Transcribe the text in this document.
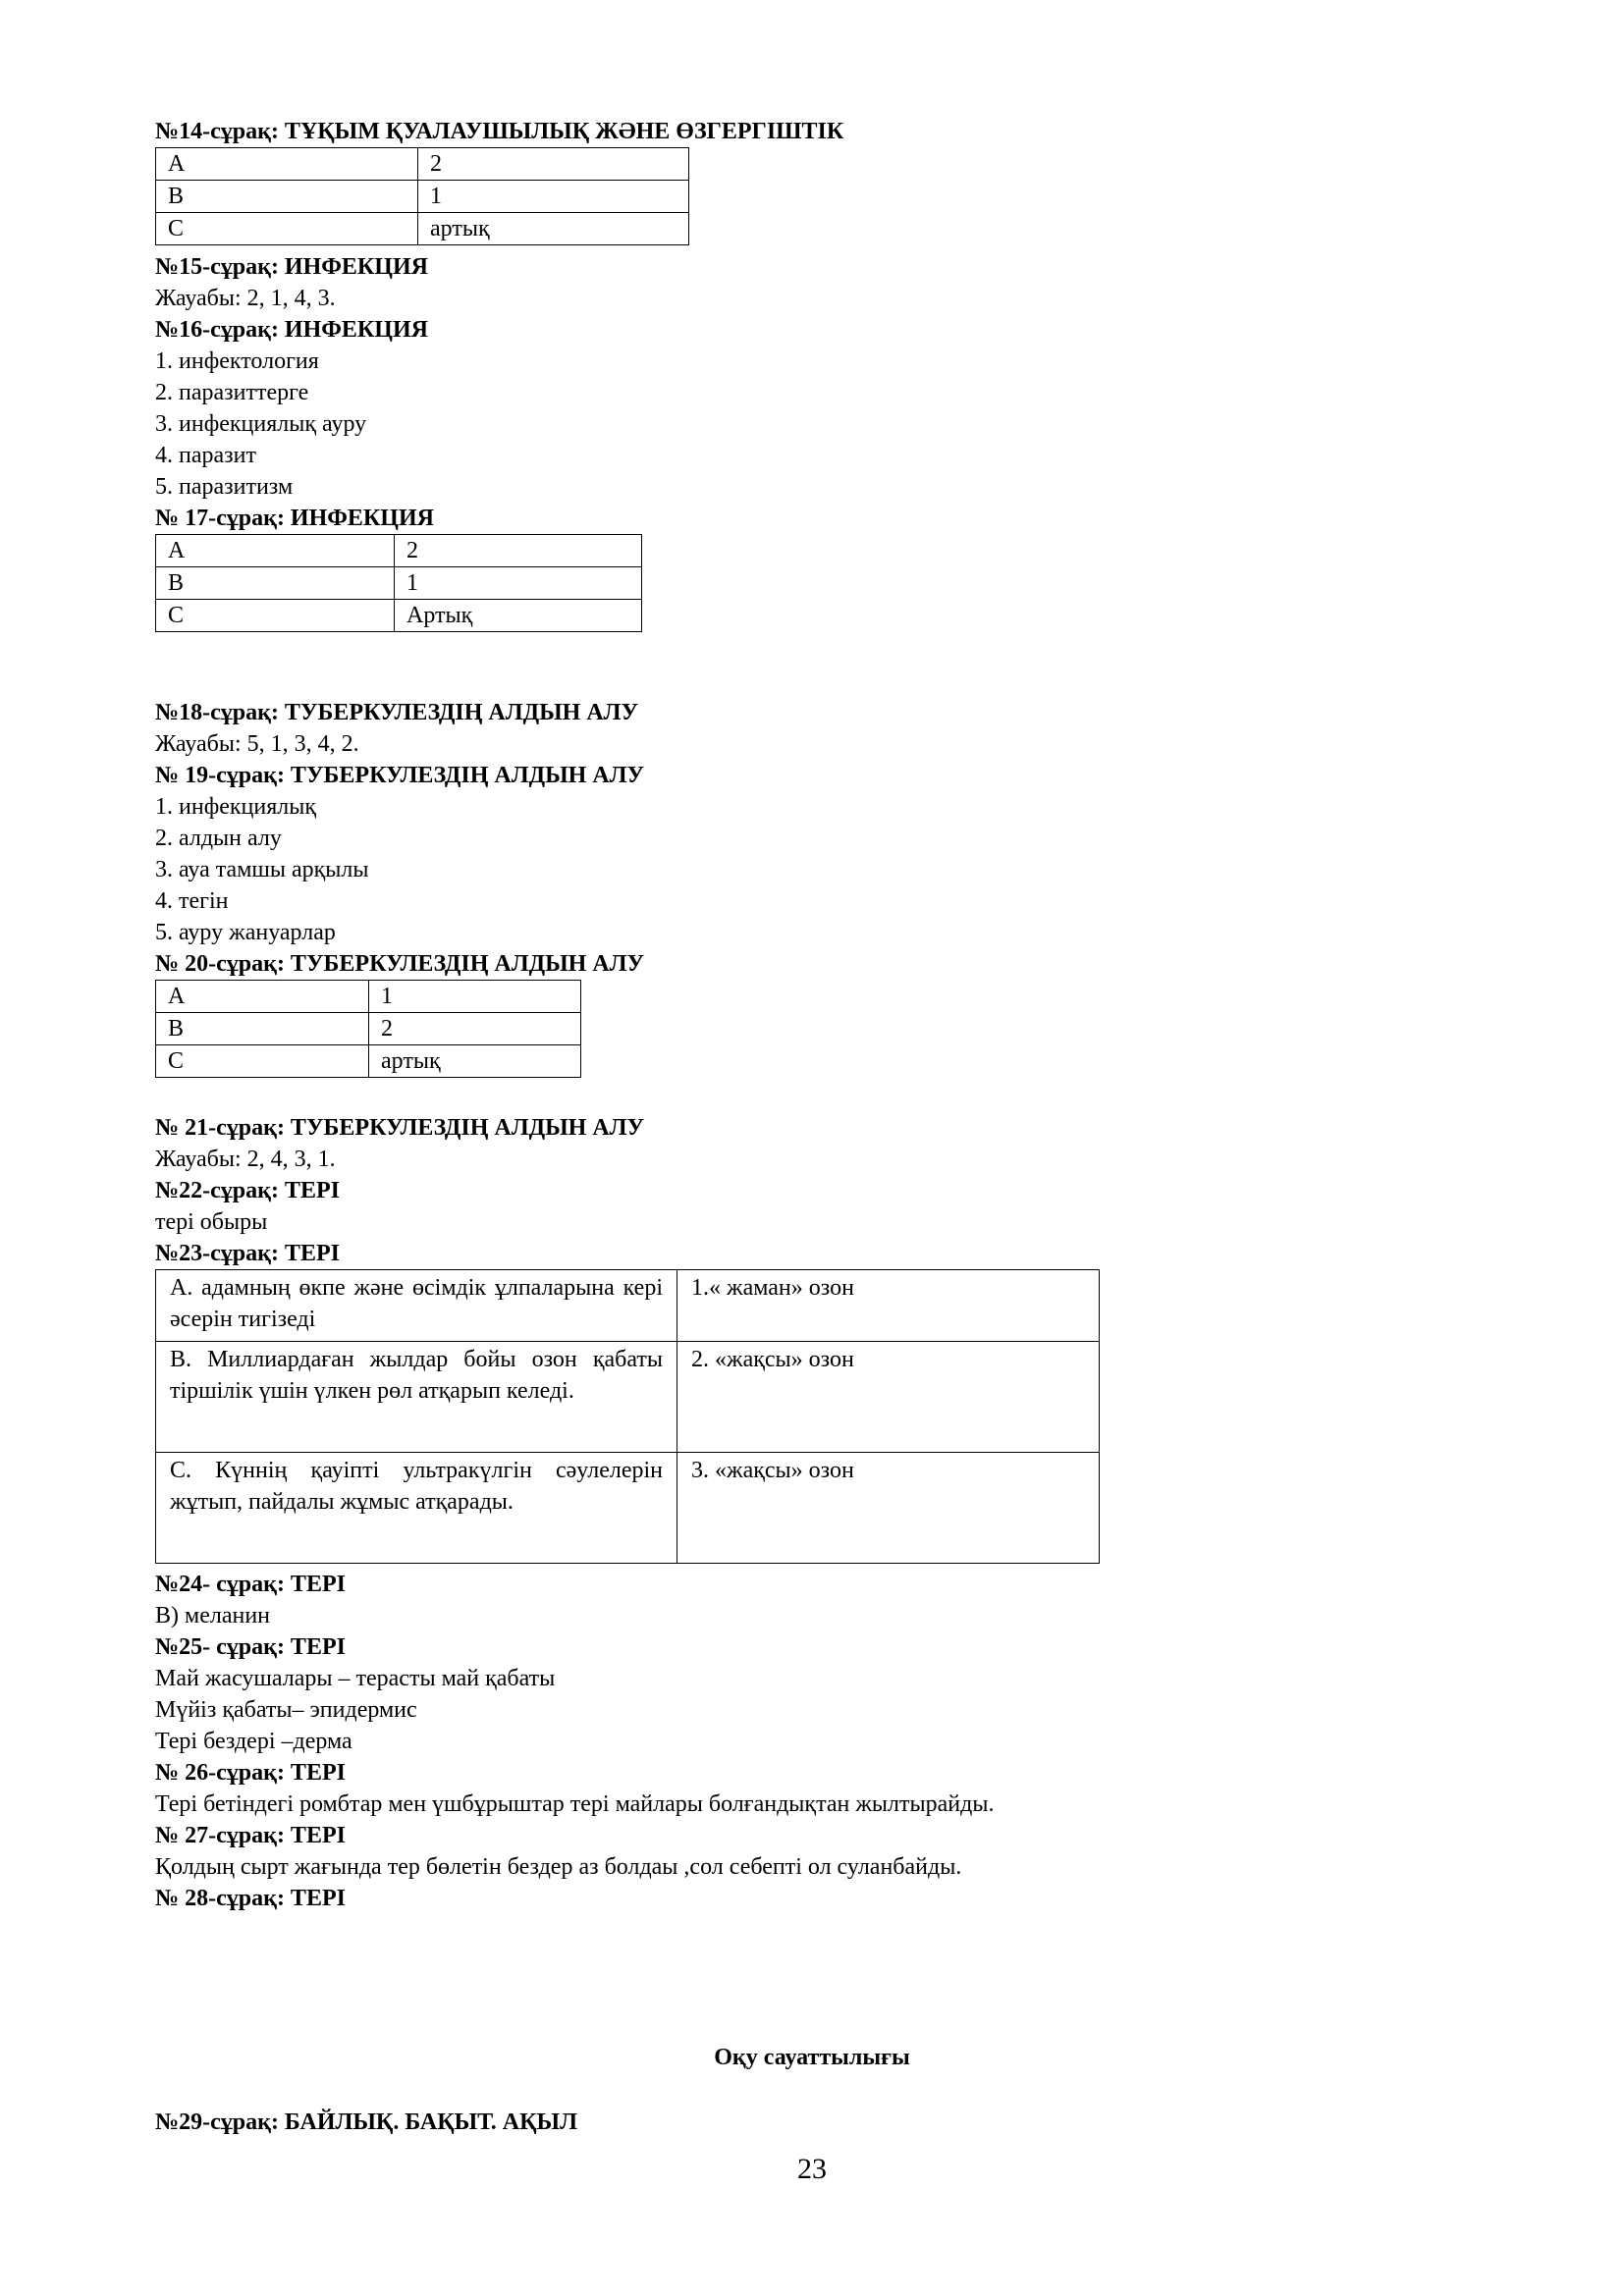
№14-сұрақ: ТҰҚЫМ ҚУАЛАУШЫЛЫҚ ЖӘНЕ ӨЗГЕРГІШТІК
A	2
B	1
C	артық
№15-сұрақ: ИНФЕКЦИЯ
Жауабы: 2, 1, 4, 3.
№16-сұрақ: ИНФЕКЦИЯ
1. инфектология
2. паразиттерге
3. инфекциялық ауру
4. паразит
5. паразитизм
№ 17-сұрақ: ИНФЕКЦИЯ
A	2
B	1
C	Артық
№18-сұрақ: ТУБЕРКУЛЕЗДІҢ АЛДЫН АЛУ
Жауабы: 5, 1, 3, 4, 2.
№ 19-сұрақ: ТУБЕРКУЛЕЗДІҢ АЛДЫН АЛУ
1. инфекциялық
2. алдын алу
3. ауа тамшы арқылы
4. тегін
5. ауру жануарлар
№ 20-сұрақ: ТУБЕРКУЛЕЗДІҢ АЛДЫН АЛУ
A	1
B	2
C	артық
№ 21-сұрақ: ТУБЕРКУЛЕЗДІҢ АЛДЫН АЛУ
Жауабы: 2, 4, 3, 1.
№22-сұрақ: ТЕРІ
тері обыры
№23-сұрақ: ТЕРІ
A. адамның өкпе және өсімдік ұлпаларына кері әсерін тигізеді	1.« жаман» озон
B. Миллиардаған жылдар бойы озон қабаты тіршілік үшін үлкен рөл атқарып келеді.	2. «жақсы» озон
C. Күннің қауіпті ультракүлгін сәулелерін жұтып, пайдалы жұмыс атқарады.	3. «жақсы» озон
№24- сұрақ: ТЕРІ
B) меланин
№25- сұрақ: ТЕРІ
Май жасушалары – терасты май қабаты
Мүйіз қабаты– эпидермис
Тері бездері –дерма
№ 26-сұрақ: ТЕРІ
Тері бетіндегі ромбтар мен үшбұрыштар тері майлары болғандықтан жылтырайды.
№ 27-сұрақ: ТЕРІ
Қолдың сырт жағында тер бөлетін бездер аз болдаы ,сол себепті ол суланбайды.
№ 28-сұрақ: ТЕРІ
Оқу сауаттылығы
№29-сұрақ: БАЙЛЫҚ. БАҚЫТ. АҚЫЛ
23
